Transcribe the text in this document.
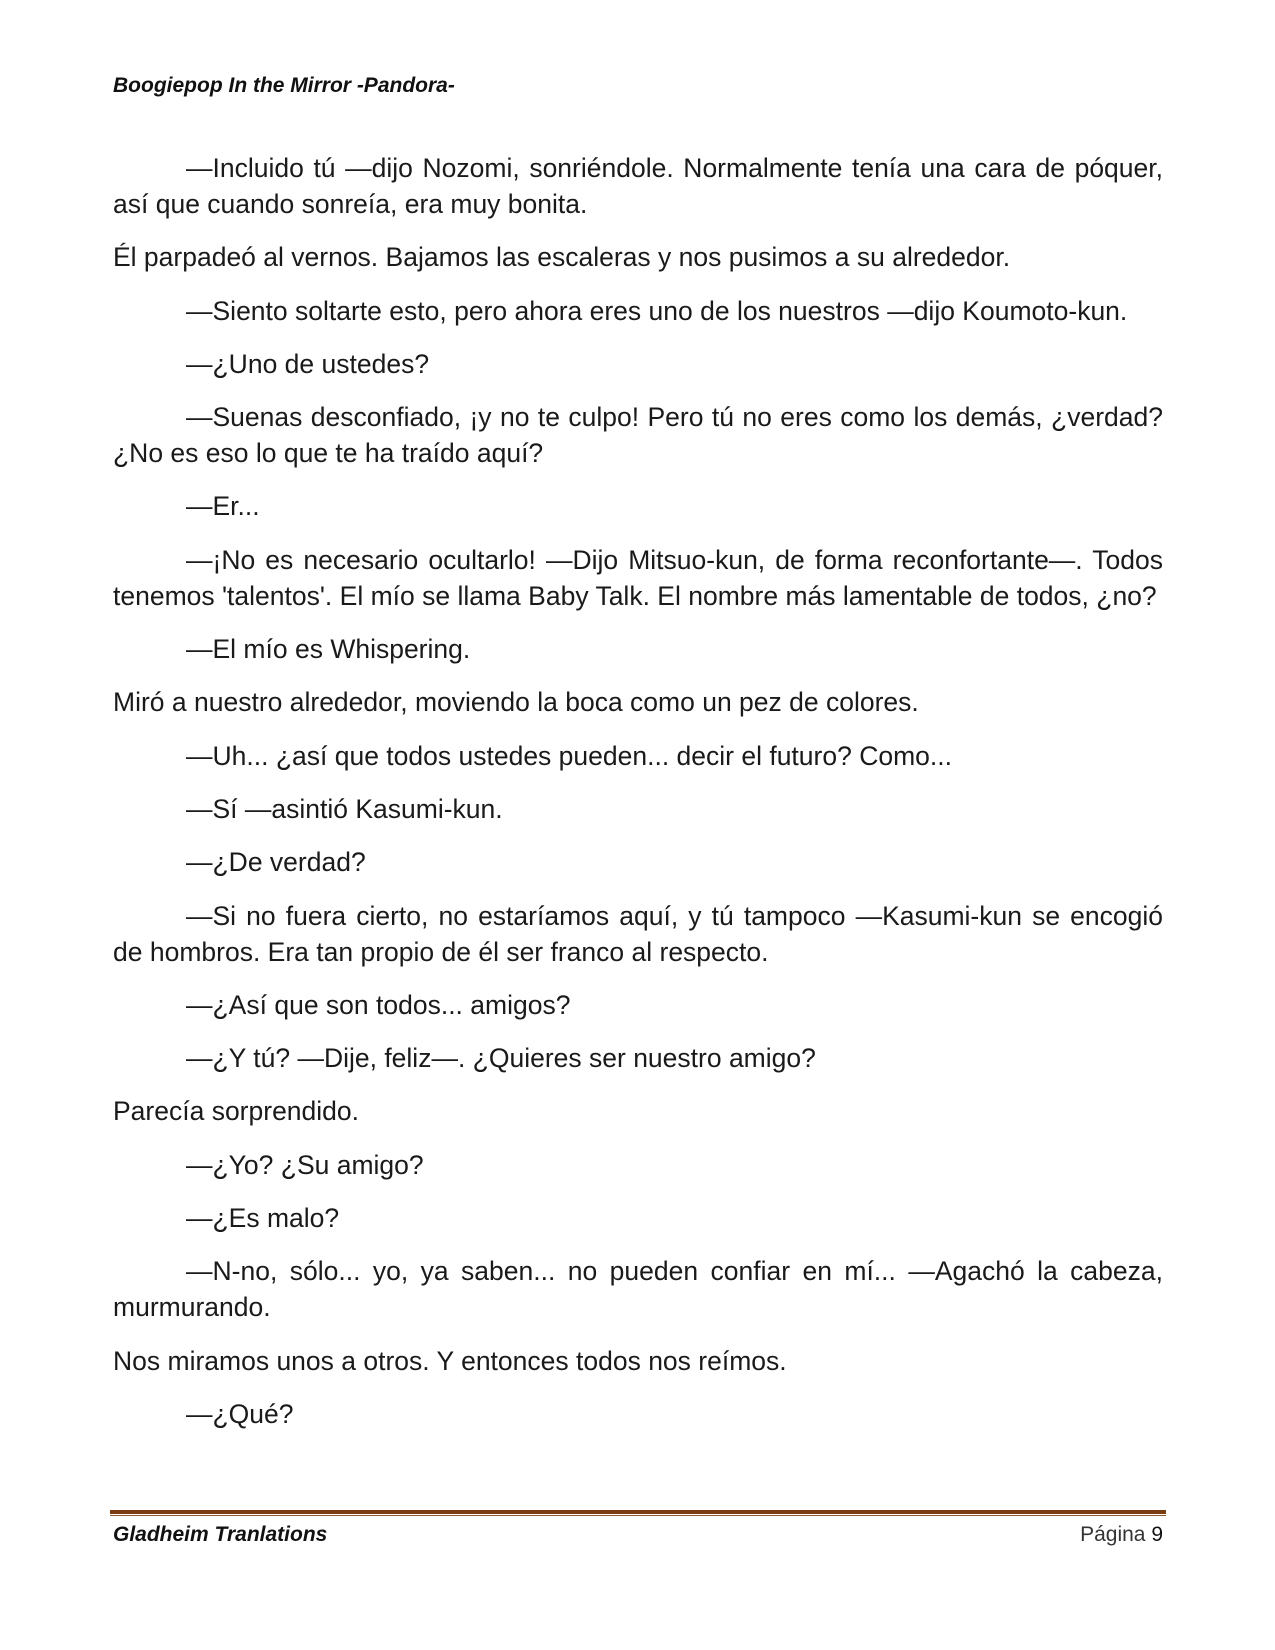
Boogiepop In the Mirror -Pandora-

—Incluido tú —dijo Nozomi, sonriéndole. Normalmente tenía una cara de póquer, así que cuando sonreía, era muy bonita.

Él parpadeó al vernos. Bajamos las escaleras y nos pusimos a su alrededor.

—Siento soltarte esto, pero ahora eres uno de los nuestros —dijo Koumoto-kun.

—¿Uno de ustedes?

—Suenas desconfiado, ¡y no te culpo! Pero tú no eres como los demás, ¿verdad? ¿No es eso lo que te ha traído aquí?

—Er...

—¡No es necesario ocultarlo! —Dijo Mitsuo-kun, de forma reconfortante—. Todos tenemos 'talentos'. El mío se llama Baby Talk. El nombre más lamentable de todos, ¿no?

—El mío es Whispering.

Miró a nuestro alrededor, moviendo la boca como un pez de colores.

—Uh... ¿así que todos ustedes pueden... decir el futuro? Como...

—Sí —asintió Kasumi-kun.

—¿De verdad?

—Si no fuera cierto, no estaríamos aquí, y tú tampoco —Kasumi-kun se encogió de hombros. Era tan propio de él ser franco al respecto.

—¿Así que son todos... amigos?

—¿Y tú? —Dije, feliz—. ¿Quieres ser nuestro amigo?

Parecía sorprendido.

—¿Yo? ¿Su amigo?

—¿Es malo?

—N-no, sólo... yo, ya saben... no pueden confiar en mí... —Agachó la cabeza, murmurando.

Nos miramos unos a otros. Y entonces todos nos reímos.

—¿Qué?

Gladheim Tranlations	Página 9
